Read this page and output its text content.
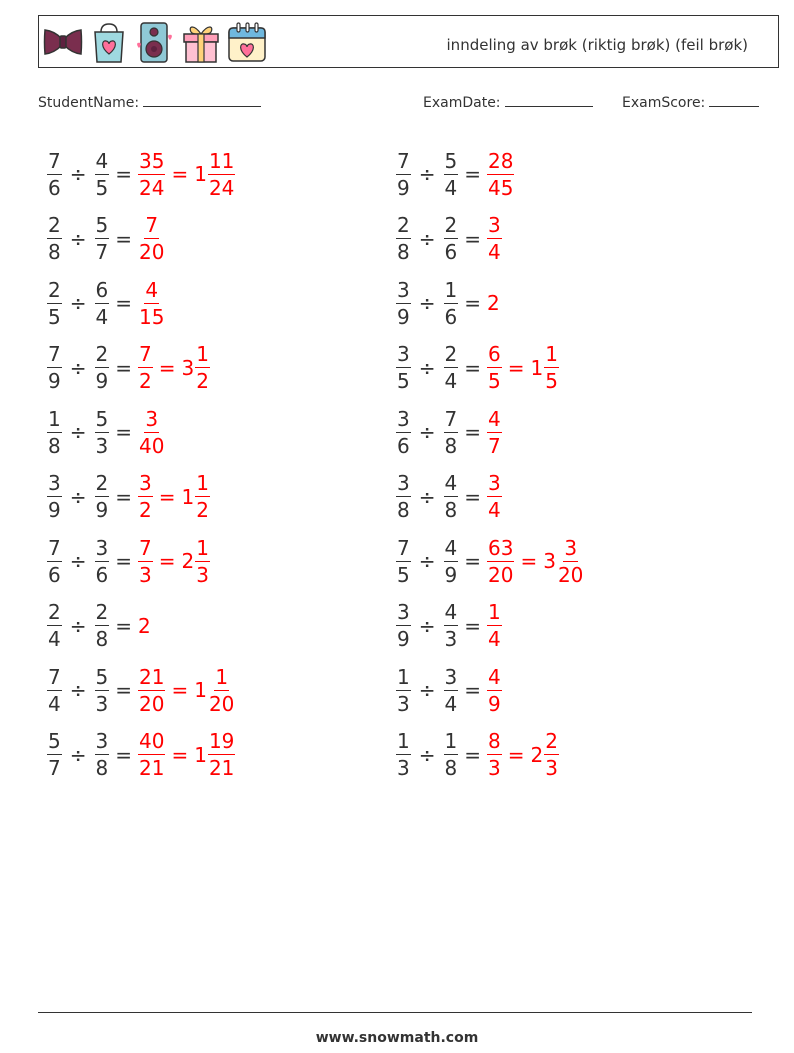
inndeling av brøk (riktig brøk) (feil brøk)
StudentName:	ExamDate:	ExamScore:
$\frac{7}{6} \div \frac{4}{5} = \frac{35}{24} = 1 \frac{11}{24}$
$\frac{2}{8} \div \frac{5}{7} = \frac{7}{20}$
$\frac{2}{5} \div \frac{6}{4} = \frac{4}{15}$
$\frac{7}{9} \div \frac{2}{9} = \frac{7}{2} = 3 \frac{1}{2}$
$\frac{1}{8} \div \frac{5}{3} = \frac{3}{40}$
$\frac{3}{9} \div \frac{2}{9} = \frac{3}{2} = 1 \frac{1}{2}$
$\frac{7}{6} \div \frac{3}{6} = \frac{7}{3} = 2 \frac{1}{3}$
$\frac{2}{4} \div \frac{2}{8} = 2$
$\frac{7}{4} \div \frac{5}{3} = \frac{21}{20} = 1 \frac{1}{20}$
$\frac{5}{7} \div \frac{3}{8} = \frac{40}{21} = 1 \frac{19}{21}$
$\frac{7}{9} \div \frac{5}{4} = \frac{28}{45}$
$\frac{2}{8} \div \frac{2}{6} = \frac{3}{4}$
$\frac{3}{9} \div \frac{1}{6} = 2$
$\frac{3}{5} \div \frac{2}{4} = \frac{6}{5} = 1 \frac{1}{5}$
$\frac{3}{6} \div \frac{7}{8} = \frac{4}{7}$
$\frac{3}{8} \div \frac{4}{8} = \frac{3}{4}$
$\frac{7}{5} \div \frac{4}{9} = \frac{63}{20} = 3 \frac{3}{20}$
$\frac{3}{9} \div \frac{4}{3} = \frac{1}{4}$
$\frac{1}{3} \div \frac{3}{4} = \frac{4}{9}$
$\frac{1}{3} \div \frac{1}{8} = \frac{8}{3} = 2 \frac{2}{3}$
www.snowmath.com
